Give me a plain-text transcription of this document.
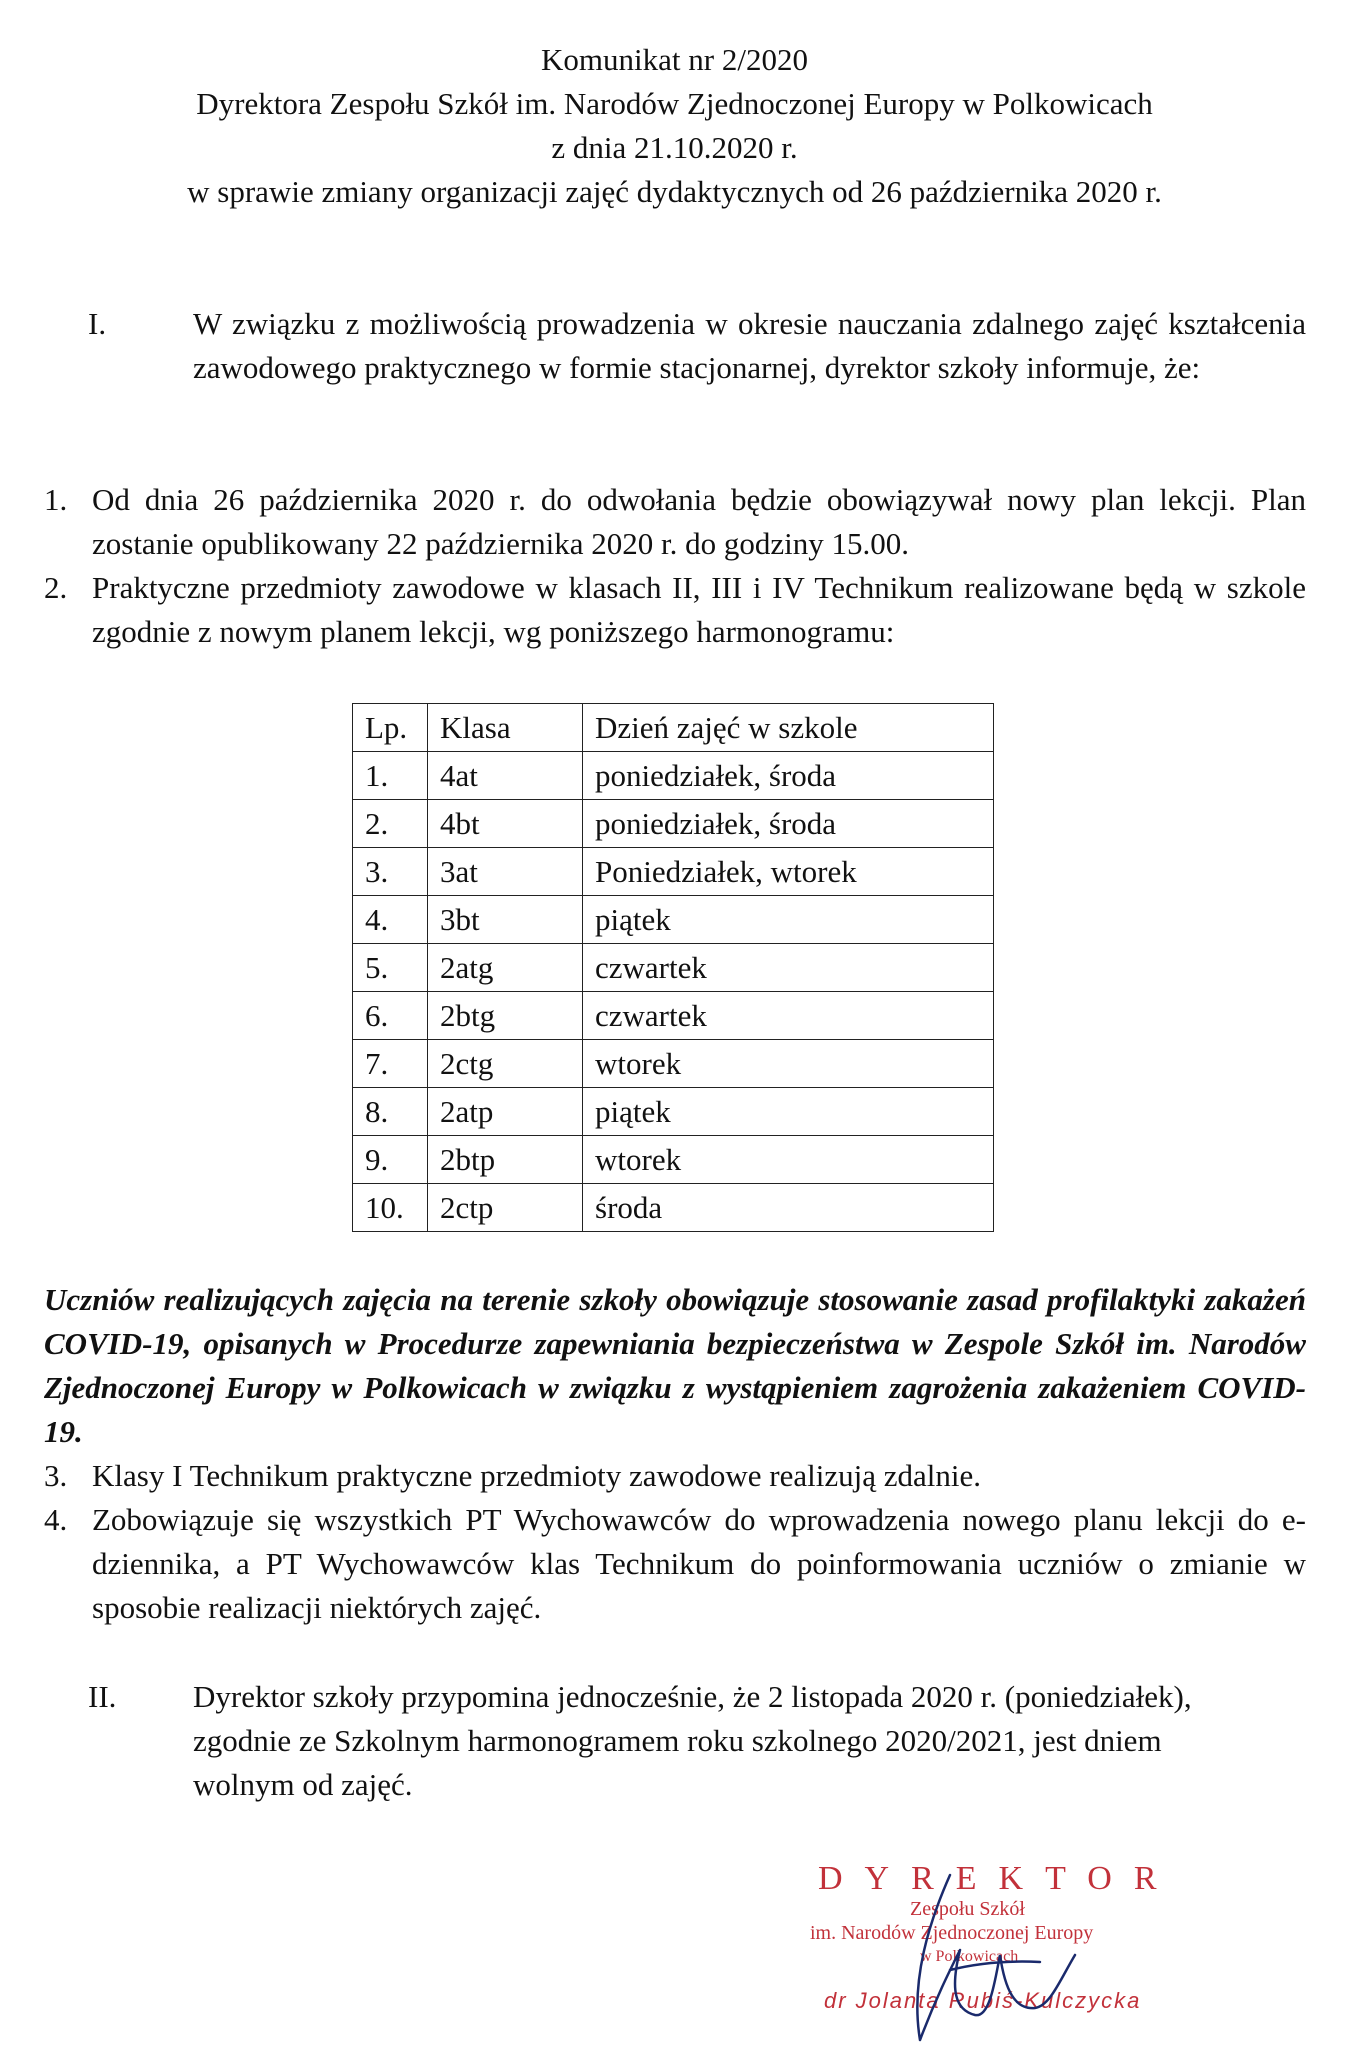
Komunikat nr 2/2020
Dyrektora Zespołu Szkół im. Narodów Zjednoczonej Europy w Polkowicach
z dnia 21.10.2020 r.
w sprawie zmiany organizacji zajęć dydaktycznych od 26 października 2020 r.
I.	W związku z możliwością prowadzenia w okresie nauczania zdalnego zajęć kształcenia zawodowego praktycznego w formie stacjonarnej, dyrektor szkoły informuje, że:
1. Od dnia 26 października 2020 r. do odwołania będzie obowiązywał nowy plan lekcji. Plan zostanie opublikowany 22 października 2020 r. do godziny 15.00.
2. Praktyczne przedmioty zawodowe w klasach II, III i IV Technikum realizowane będą w szkole zgodnie z nowym planem lekcji, wg poniższego harmonogramu:
Lp.	Klasa	Dzień zajęć w szkole
1.	4at	poniedziałek, środa
2.	4bt	poniedziałek, środa
3.	3at	Poniedziałek, wtorek
4.	3bt	piątek
5.	2atg	czwartek
6.	2btg	czwartek
7.	2ctg	wtorek
8.	2atp	piątek
9.	2btp	wtorek
10.	2ctp	środa
Uczniów realizujących zajęcia na terenie szkoły obowiązuje stosowanie zasad profilaktyki zakażeń COVID-19, opisanych w Procedurze zapewniania bezpieczeństwa w Zespole Szkół im. Narodów Zjednoczonej Europy w Polkowicach w związku z wystąpieniem zagrożenia zakażeniem COVID-19.
3. Klasy I Technikum praktyczne przedmioty zawodowe realizują zdalnie.
4. Zobowiązuje się wszystkich PT Wychowawców do wprowadzenia nowego planu lekcji do e-dziennika, a PT Wychowawców klas Technikum do poinformowania uczniów o zmianie w sposobie realizacji niektórych zajęć.
II. Dyrektor szkoły przypomina jednocześnie, że 2 listopada 2020 r. (poniedziałek), zgodnie ze Szkolnym harmonogramem roku szkolnego 2020/2021, jest dniem wolnym od zajęć.
DYREKTOR
Zespołu Szkół
im. Narodów Zjednoczonej Europy
w Polkowicach
dr Jolanta Rubiś-Kulczycka
